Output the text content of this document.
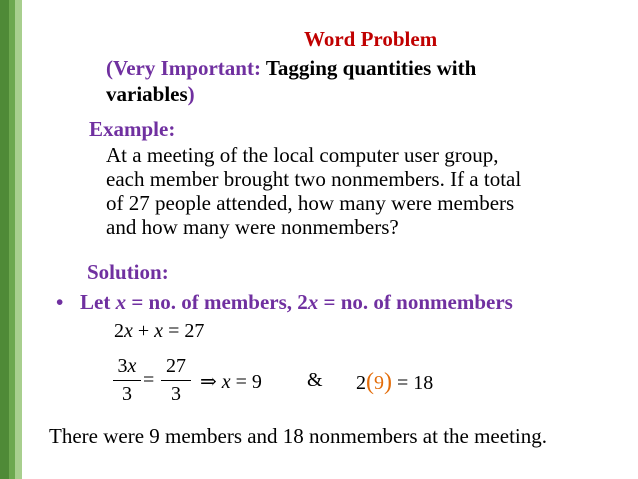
Word Problem
(Very Important: Tagging quantities with
variables)
Example:
At a meeting of the local computer user group,
each member brought two nonmembers. If a total
of 27 people attended, how many were members
and how many were nonmembers?
Solution:
• Let x = no. of members, 2x = no. of nonmembers
2x + x = 27
3x
3
=
27
3
⇒ x = 9 & 2(9) = 18
There were 9 members and 18 nonmembers at the meeting.
